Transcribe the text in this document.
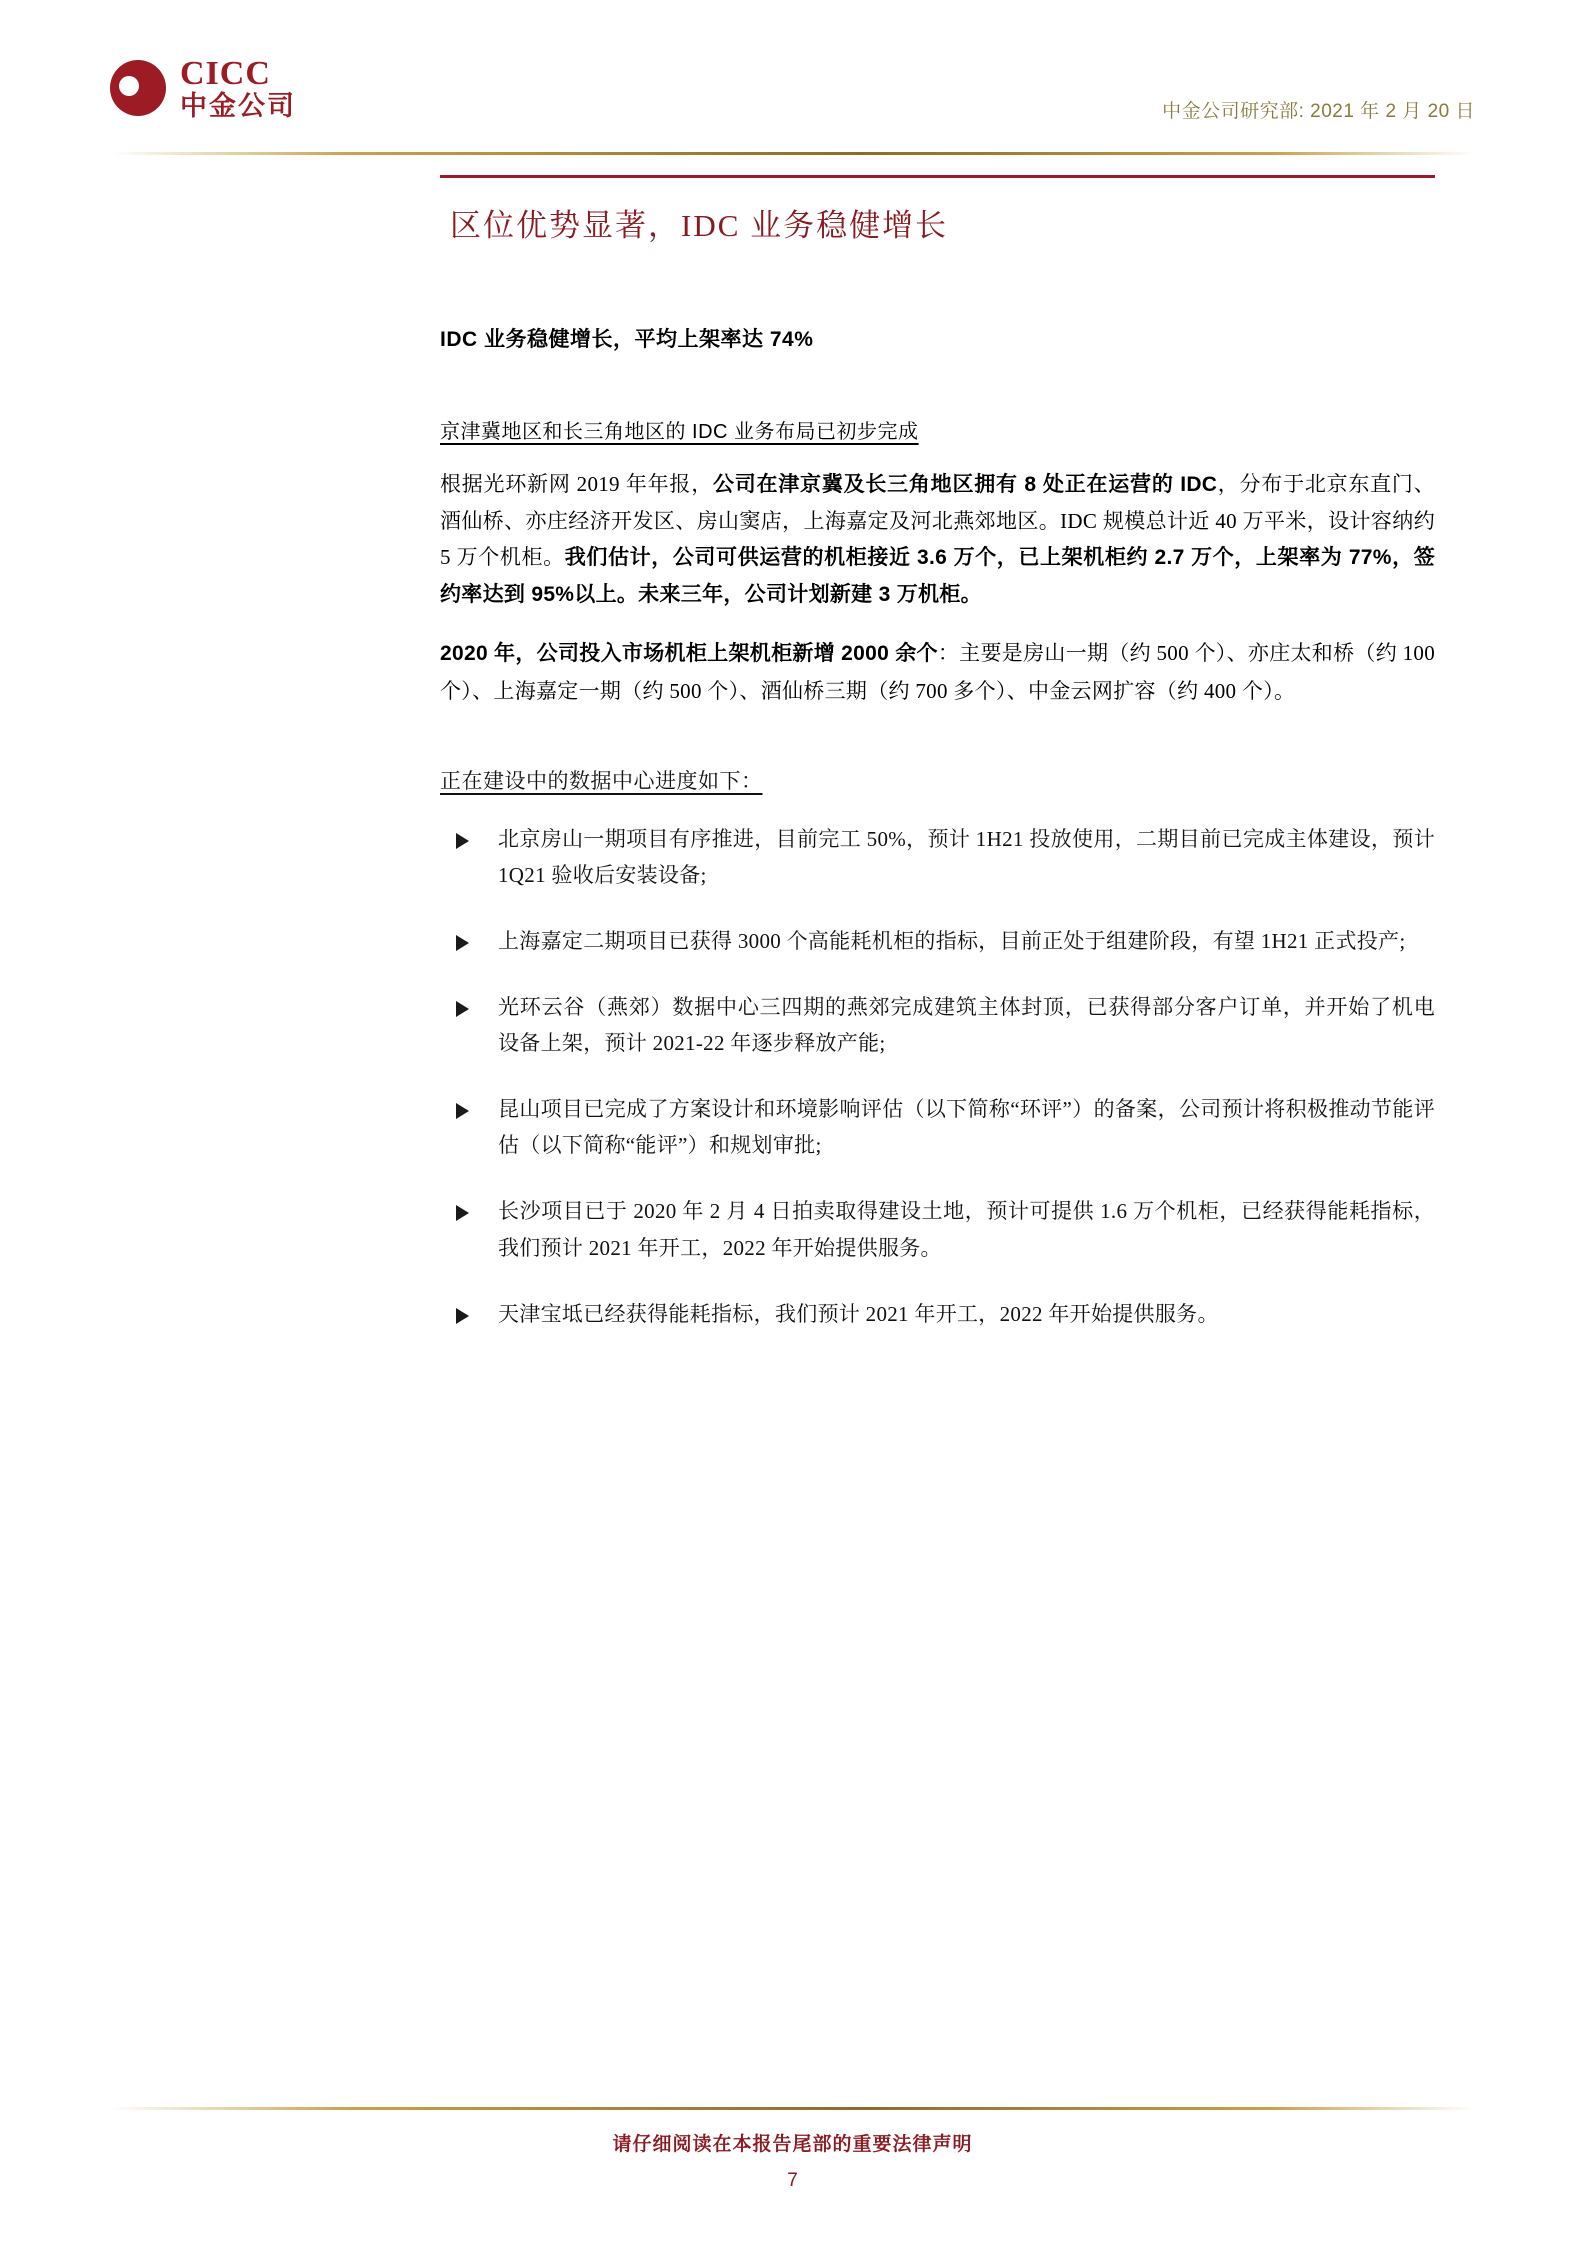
CICC
中金公司	中金公司研究部: 2021 年 2 月 20 日
区位优势显著，IDC 业务稳健增长
IDC 业务稳健增长，平均上架率达 74%
京津冀地区和长三角地区的 IDC 业务布局已初步完成

根据光环新网 2019 年年报，公司在津京冀及长三角地区拥有 8 处正在运营的 IDC，分布于北京东直门、酒仙桥、亦庄经济开发区、房山窦店，上海嘉定及河北燕郊地区。IDC 规模总计近 40 万平米，设计容纳约 5 万个机柜。我们估计，公司可供运营的机柜接近 3.6 万个，已上架机柜约 2.7 万个，上架率为 77%，签约率达到 95%以上。未来三年，公司计划新建 3 万机柜。

2020 年，公司投入市场机柜上架机柜新增 2000 余个：主要是房山一期（约 500 个）、亦庄太和桥（约 100 个）、上海嘉定一期（约 500 个）、酒仙桥三期（约 700 多个）、中金云网扩容（约 400 个）。

正在建设中的数据中心进度如下：
北京房山一期项目有序推进，目前完工 50%，预计 1H21 投放使用，二期目前已完成主体建设，预计 1Q21 验收后安装设备;
上海嘉定二期项目已获得 3000 个高能耗机柜的指标，目前正处于组建阶段，有望 1H21 正式投产;
光环云谷（燕郊）数据中心三四期的燕郊完成建筑主体封顶，已获得部分客户订单，并开始了机电设备上架，预计 2021-22 年逐步释放产能;
昆山项目已完成了方案设计和环境影响评估（以下简称“环评”）的备案，公司预计将积极推动节能评估（以下简称“能评”）和规划审批;
长沙项目已于 2020 年 2 月 4 日拍卖取得建设土地，预计可提供 1.6 万个机柜，已经获得能耗指标，我们预计 2021 年开工，2022 年开始提供服务。
天津宝坻已经获得能耗指标，我们预计 2021 年开工，2022 年开始提供服务。
请仔细阅读在本报告尾部的重要法律声明
7
